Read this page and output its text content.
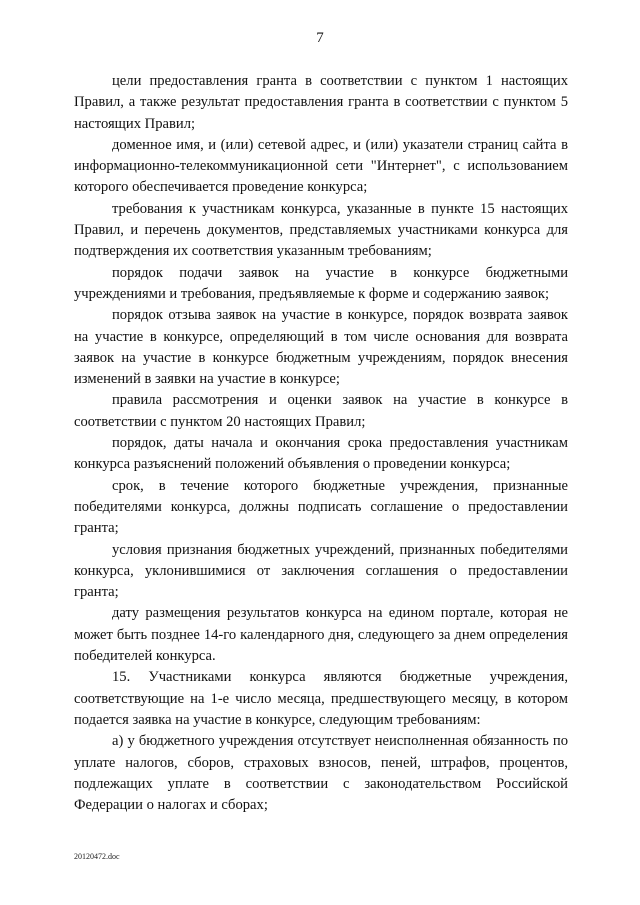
7

цели предоставления гранта в соответствии с пунктом 1 настоящих Правил, а также результат предоставления гранта в соответствии с пунктом 5 настоящих Правил;

доменное имя, и (или) сетевой адрес, и (или) указатели страниц сайта в информационно-телекоммуникационной сети "Интернет", с использованием которого обеспечивается проведение конкурса;

требования к участникам конкурса, указанные в пункте 15 настоящих Правил, и перечень документов, представляемых участниками конкурса для подтверждения их соответствия указанным требованиям;

порядок подачи заявок на участие в конкурсе бюджетными учреждениями и требования, предъявляемые к форме и содержанию заявок;

порядок отзыва заявок на участие в конкурсе, порядок возврата заявок на участие в конкурсе, определяющий в том числе основания для возврата заявок на участие в конкурсе бюджетным учреждениям, порядок внесения изменений в заявки на участие в конкурсе;

правила рассмотрения и оценки заявок на участие в конкурсе в соответствии с пунктом 20 настоящих Правил;

порядок, даты начала и окончания срока предоставления участникам конкурса разъяснений положений объявления о проведении конкурса;

срок, в течение которого бюджетные учреждения, признанные победителями конкурса, должны подписать соглашение о предоставлении гранта;

условия признания бюджетных учреждений, признанных победителями конкурса, уклонившимися от заключения соглашения о предоставлении гранта;

дату размещения результатов конкурса на едином портале, которая не может быть позднее 14-го календарного дня, следующего за днем определения победителей конкурса.

15. Участниками конкурса являются бюджетные учреждения, соответствующие на 1-е число месяца, предшествующего месяцу, в котором подается заявка на участие в конкурсе, следующим требованиям:

а) у бюджетного учреждения отсутствует неисполненная обязанность по уплате налогов, сборов, страховых взносов, пеней, штрафов, процентов, подлежащих уплате в соответствии с законодательством Российской Федерации о налогах и сборах;

20120472.doc
